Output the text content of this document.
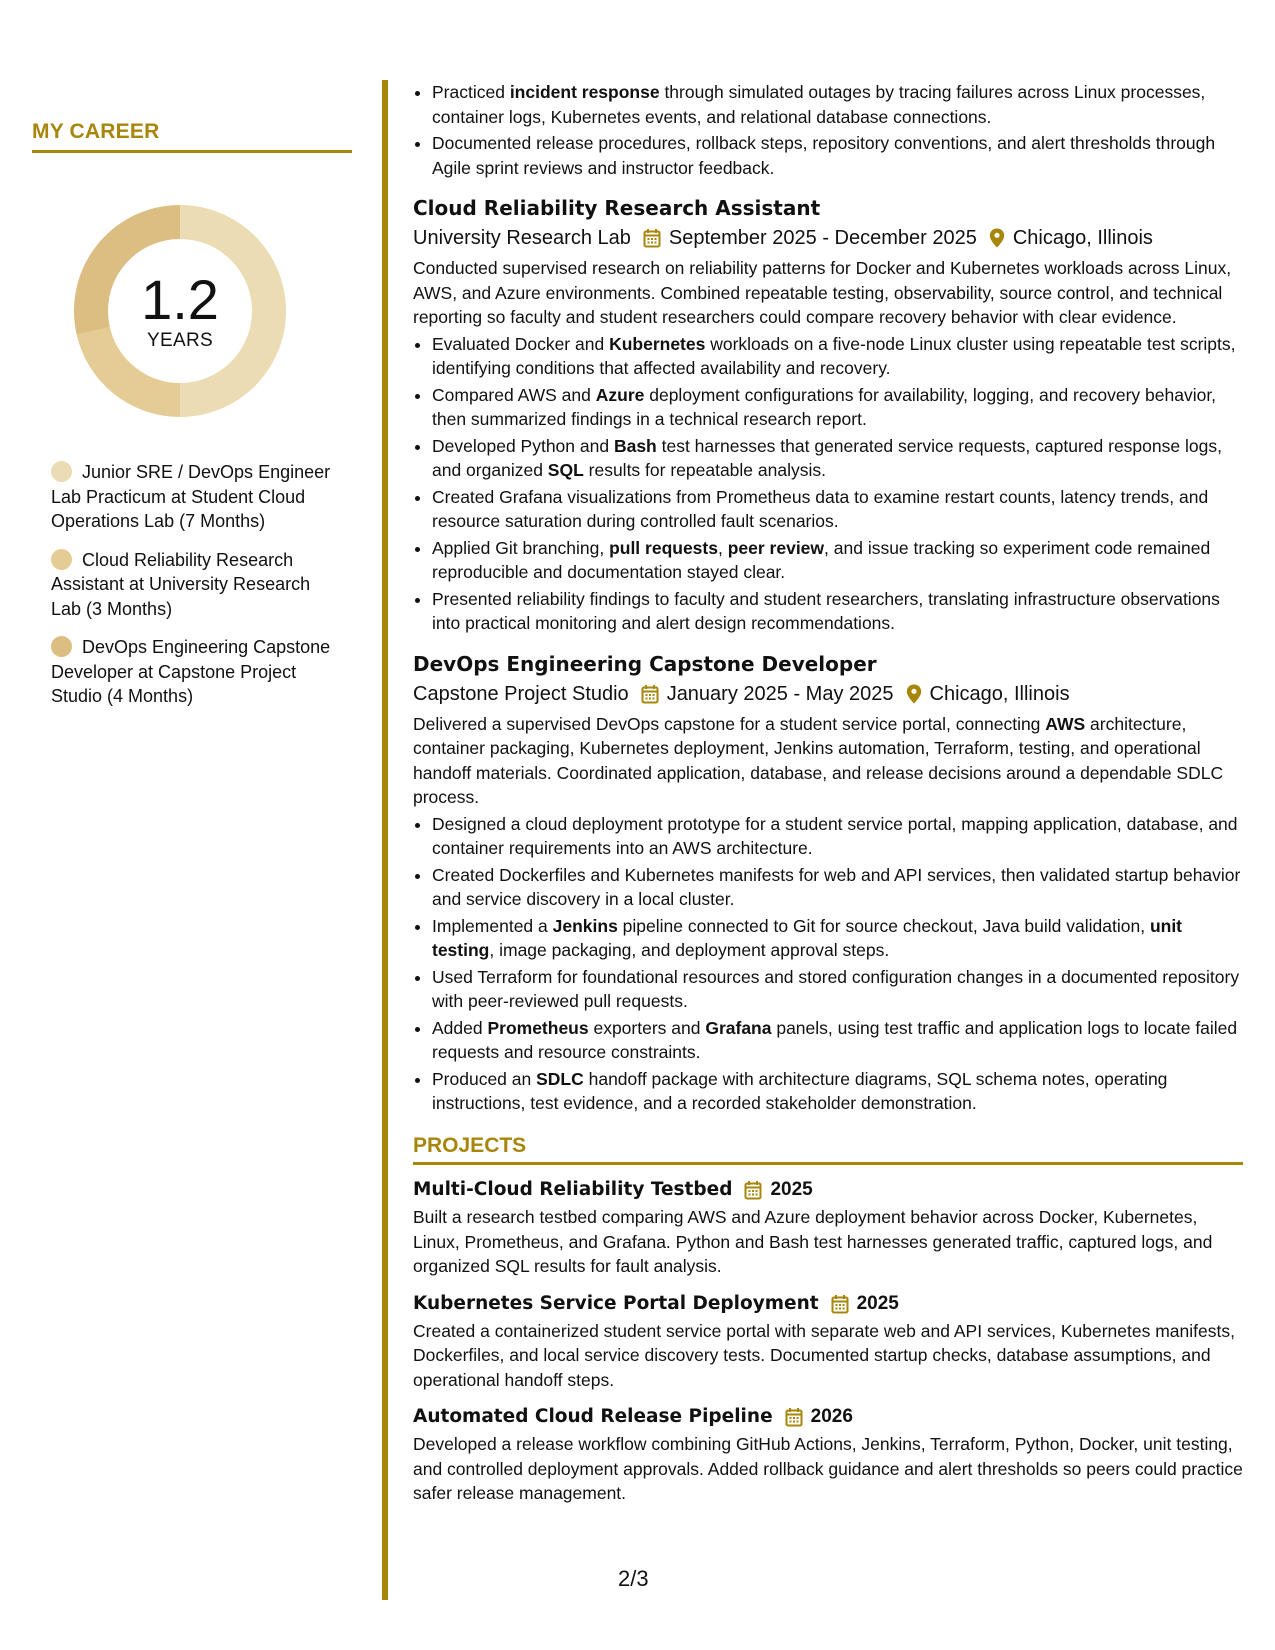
MY CAREER
1.2
YEARS
Junior SRE / DevOps Engineer Lab Practicum at Student Cloud Operations Lab (7 Months)
Cloud Reliability Research Assistant at University Research Lab (3 Months)
DevOps Engineering Capstone Developer at Capstone Project Studio (4 Months)
• Practiced incident response through simulated outages by tracing failures across Linux processes, container logs, Kubernetes events, and relational database connections.
• Documented release procedures, rollback steps, repository conventions, and alert thresholds through Agile sprint reviews and instructor feedback.
Cloud Reliability Research Assistant
University Research Lab September 2025 - December 2025 Chicago, Illinois

Conducted supervised research on reliability patterns for Docker and Kubernetes workloads across Linux, AWS, and Azure environments. Combined repeatable testing, observability, source control, and technical reporting so faculty and student researchers could compare recovery behavior with clear evidence.

• Evaluated Docker and Kubernetes workloads on a five-node Linux cluster using repeatable test scripts, identifying conditions that affected availability and recovery.
• Compared AWS and Azure deployment configurations for availability, logging, and recovery behavior, then summarized findings in a technical research report.
• Developed Python and Bash test harnesses that generated service requests, captured response logs, and organized SQL results for repeatable analysis.
• Created Grafana visualizations from Prometheus data to examine restart counts, latency trends, and resource saturation during controlled fault scenarios.
• Applied Git branching, pull requests, peer review, and issue tracking so experiment code remained reproducible and documentation stayed clear.
• Presented reliability findings to faculty and student researchers, translating infrastructure observations into practical monitoring and alert design recommendations.
DevOps Engineering Capstone Developer
Capstone Project Studio January 2025 - May 2025 Chicago, Illinois

Delivered a supervised DevOps capstone for a student service portal, connecting AWS architecture, container packaging, Kubernetes deployment, Jenkins automation, Terraform, testing, and operational handoff materials. Coordinated application, database, and release decisions around a dependable SDLC process.

• Designed a cloud deployment prototype for a student service portal, mapping application, database, and container requirements into an AWS architecture.
• Created Dockerfiles and Kubernetes manifests for web and API services, then validated startup behavior and service discovery in a local cluster.
• Implemented a Jenkins pipeline connected to Git for source checkout, Java build validation, unit testing, image packaging, and deployment approval steps.
• Used Terraform for foundational resources and stored configuration changes in a documented repository with peer-reviewed pull requests.
• Added Prometheus exporters and Grafana panels, using test traffic and application logs to locate failed requests and resource constraints.
• Produced an SDLC handoff package with architecture diagrams, SQL schema notes, operating instructions, test evidence, and a recorded stakeholder demonstration.
PROJECTS
Multi-Cloud Reliability Testbed 2025

Built a research testbed comparing AWS and Azure deployment behavior across Docker, Kubernetes, Linux, Prometheus, and Grafana. Python and Bash test harnesses generated traffic, captured logs, and organized SQL results for fault analysis.

Kubernetes Service Portal Deployment 2025

Created a containerized student service portal with separate web and API services, Kubernetes manifests, Dockerfiles, and local service discovery tests. Documented startup checks, database assumptions, and operational handoff steps.

Automated Cloud Release Pipeline 2026

Developed a release workflow combining GitHub Actions, Jenkins, Terraform, Python, Docker, unit testing, and controlled deployment approvals. Added rollback guidance and alert thresholds so peers could practice safer release management.

2/3
